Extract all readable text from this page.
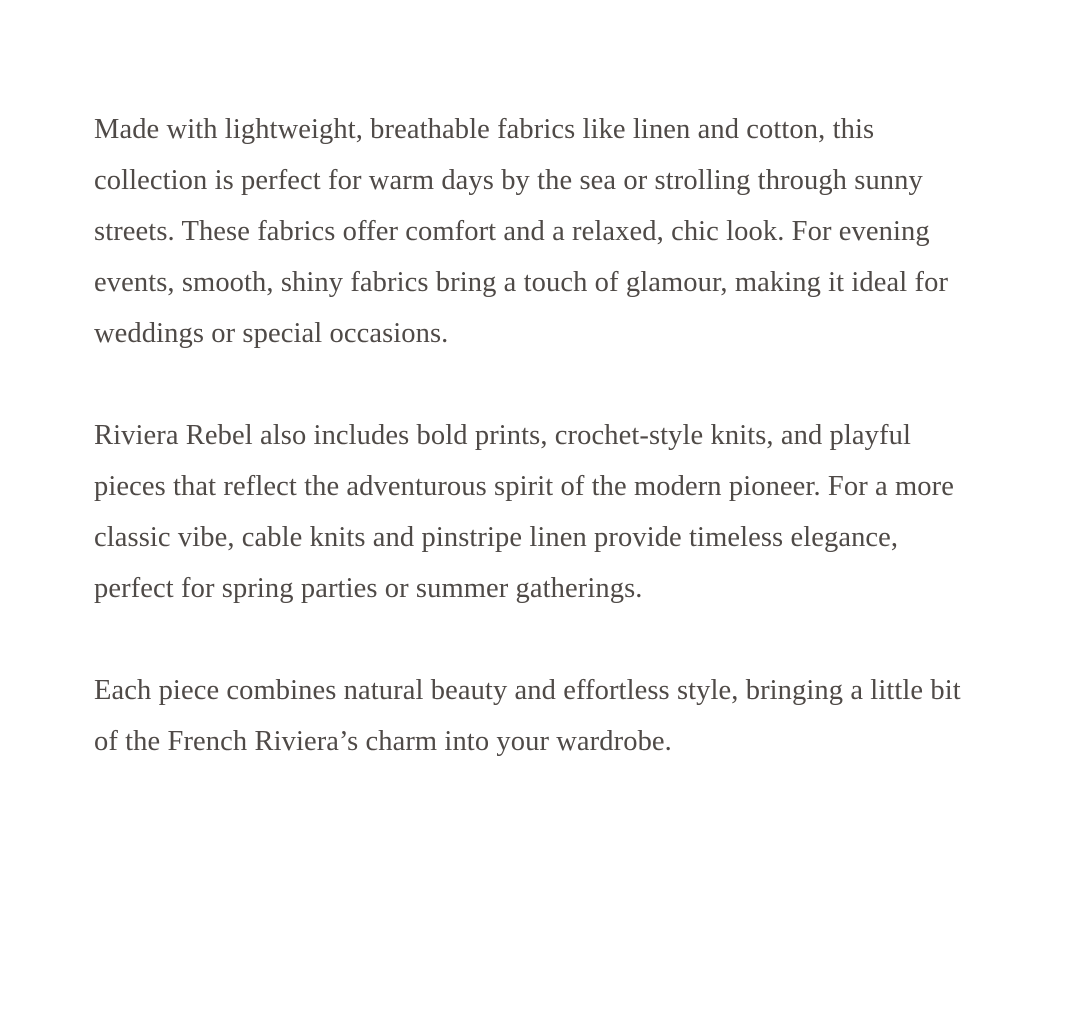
Made with lightweight, breathable fabrics like linen and cotton, this collection is perfect for warm days by the sea or strolling through sunny streets. These fabrics offer comfort and a relaxed, chic look. For evening events, smooth, shiny fabrics bring a touch of glamour, making it ideal for weddings or special occasions.

Riviera Rebel also includes bold prints, crochet-style knits, and playful pieces that reflect the adventurous spirit of the modern pioneer. For a more classic vibe, cable knits and pinstripe linen provide timeless elegance, perfect for spring parties or summer gatherings.

Each piece combines natural beauty and effortless style, bringing a little bit of the French Riviera’s charm into your wardrobe.
